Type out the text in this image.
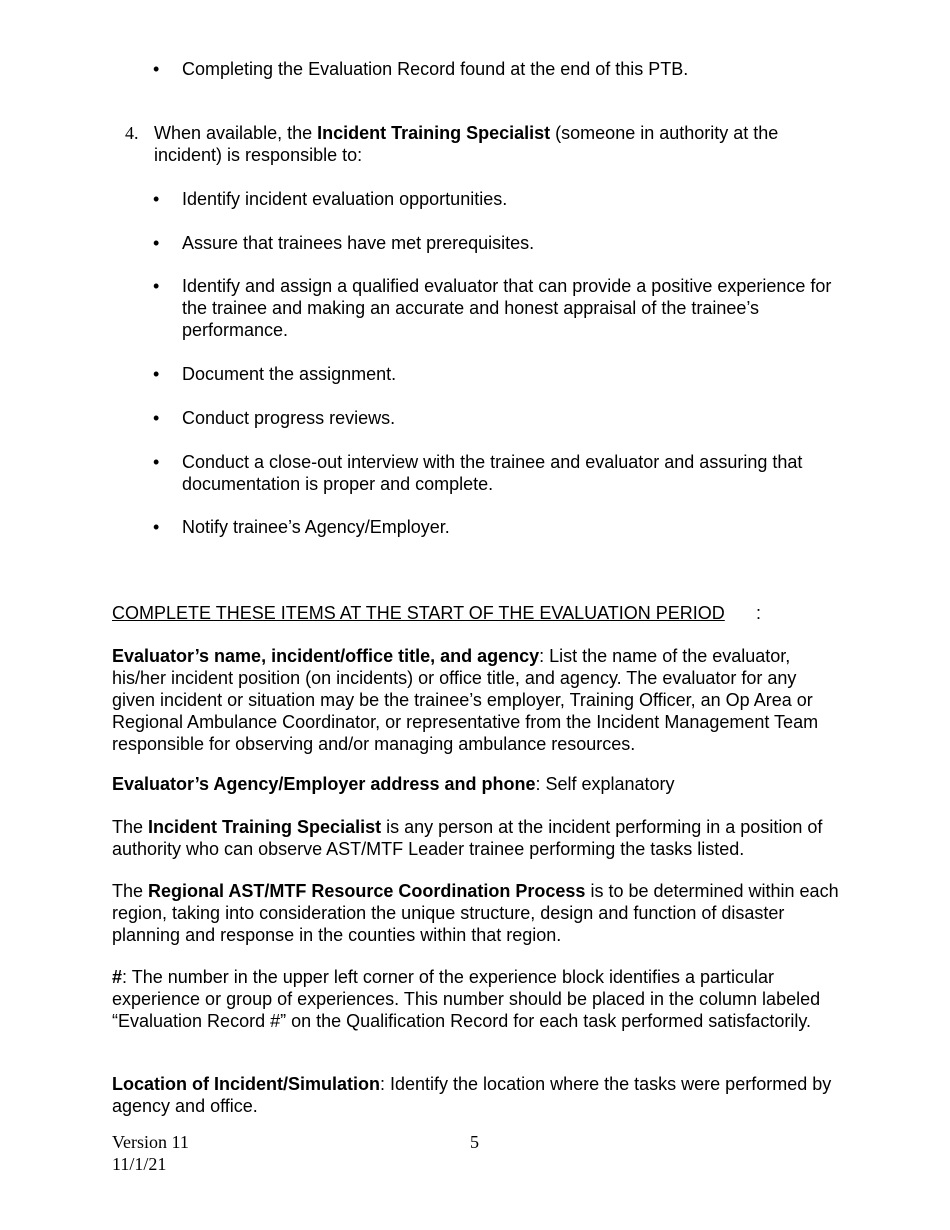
• Completing the Evaluation Record found at the end of this PTB.
4. When available, the Incident Training Specialist (someone in authority at the incident) is responsible to:
• Identify incident evaluation opportunities.
• Assure that trainees have met prerequisites.
• Identify and assign a qualified evaluator that can provide a positive experience for the trainee and making an accurate and honest appraisal of the trainee’s performance.
• Document the assignment.
• Conduct progress reviews.
• Conduct a close-out interview with the trainee and evaluator and assuring that documentation is proper and complete.
• Notify trainee’s Agency/Employer.
COMPLETE THESE ITEMS AT THE START OF THE EVALUATION PERIOD :

Evaluator’s name, incident/office title, and agency: List the name of the evaluator, his/her incident position (on incidents) or office title, and agency. The evaluator for any given incident or situation may be the trainee’s employer, Training Officer, an Op Area or Regional Ambulance Coordinator, or representative from the Incident Management Team responsible for observing and/or managing ambulance resources.

Evaluator’s Agency/Employer address and phone: Self explanatory

The Incident Training Specialist is any person at the incident performing in a position of authority who can observe AST/MTF Leader trainee performing the tasks listed.

The Regional AST/MTF Resource Coordination Process is to be determined within each region, taking into consideration the unique structure, design and function of disaster planning and response in the counties within that region.

#: The number in the upper left corner of the experience block identifies a particular experience or group of experiences. This number should be placed in the column labeled “Evaluation Record #” on the Qualification Record for each task performed satisfactorily.

Location of Incident/Simulation: Identify the location where the tasks were performed by agency and office.

Version 11
11/1/21
5
